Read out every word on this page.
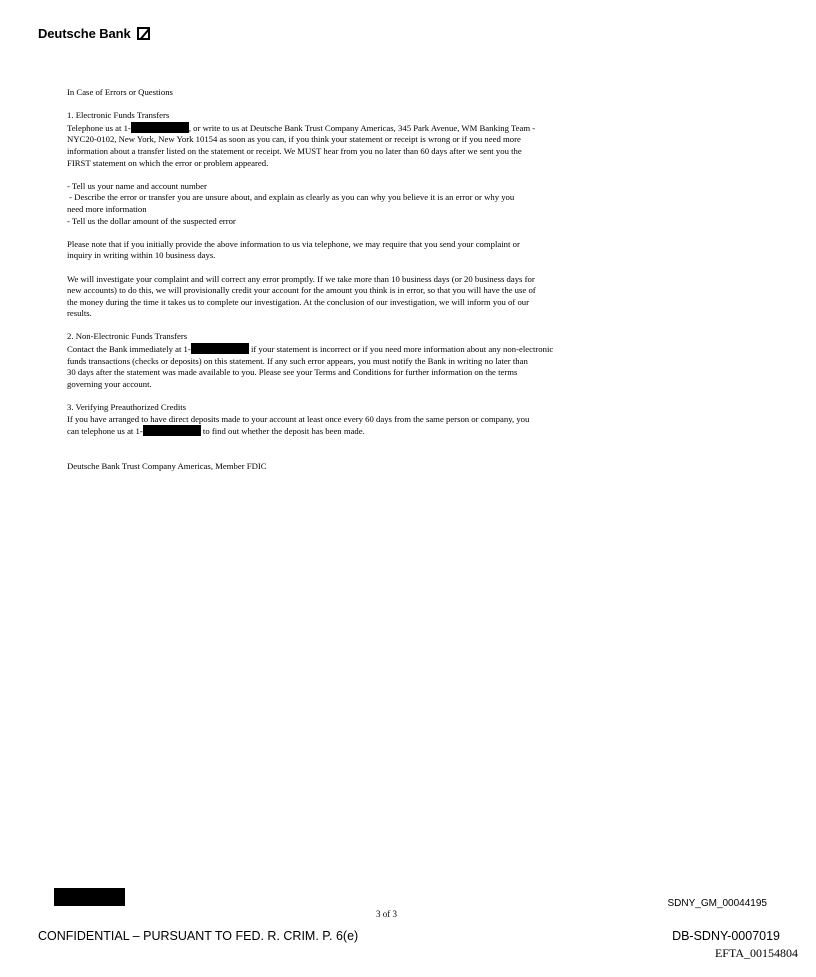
Deutsche Bank

In Case of Errors or Questions

1. Electronic Funds Transfers
Telephone us at 1-	, or write to us at Deutsche Bank Trust Company Americas, 345 Park Avenue, WM Banking Team -
NYC20-0102, New York, New York 10154 as soon as you can, if you think your statement or receipt is wrong or if you need more
information about a transfer listed on the statement or receipt. We MUST hear from you no later than 60 days after we sent you the
FIRST statement on which the error or problem appeared.

- Tell us your name and account number
- Describe the error or transfer you are unsure about, and explain as clearly as you can why you believe it is an error or why you
need more information
- Tell us the dollar amount of the suspected error

Please note that if you initially provide the above information to us via telephone, we may require that you send your complaint or
inquiry in writing within 10 business days.

We will investigate your complaint and will correct any error promptly. If we take more than 10 business days (or 20 business days for
new accounts) to do this, we will provisionally credit your account for the amount you think is in error, so that you will have the use of
the money during the time it takes us to complete our investigation. At the conclusion of our investigation, we will inform you of our
results.

2. Non-Electronic Funds Transfers
Contact the Bank immediately at 1-	if your statement is incorrect or if you need more information about any non-electronic
funds transactions (checks or deposits) on this statement. If any such error appears, you must notify the Bank in writing no later than
30 days after the statement was made available to you. Please see your Terms and Conditions for further information on the terms
governing your account.

3. Verifying Preauthorized Credits
If you have arranged to have direct deposits made to your account at least once every 60 days from the same person or company, you
can telephone us at 1-	to find out whether the deposit has been made.

Deutsche Bank Trust Company Americas, Member FDIC

3 of 3
SDNY_GM_00044195
CONFIDENTIAL – PURSUANT TO FED. R. CRIM. P. 6(e)	DB-SDNY-0007019
EFTA_00154804
